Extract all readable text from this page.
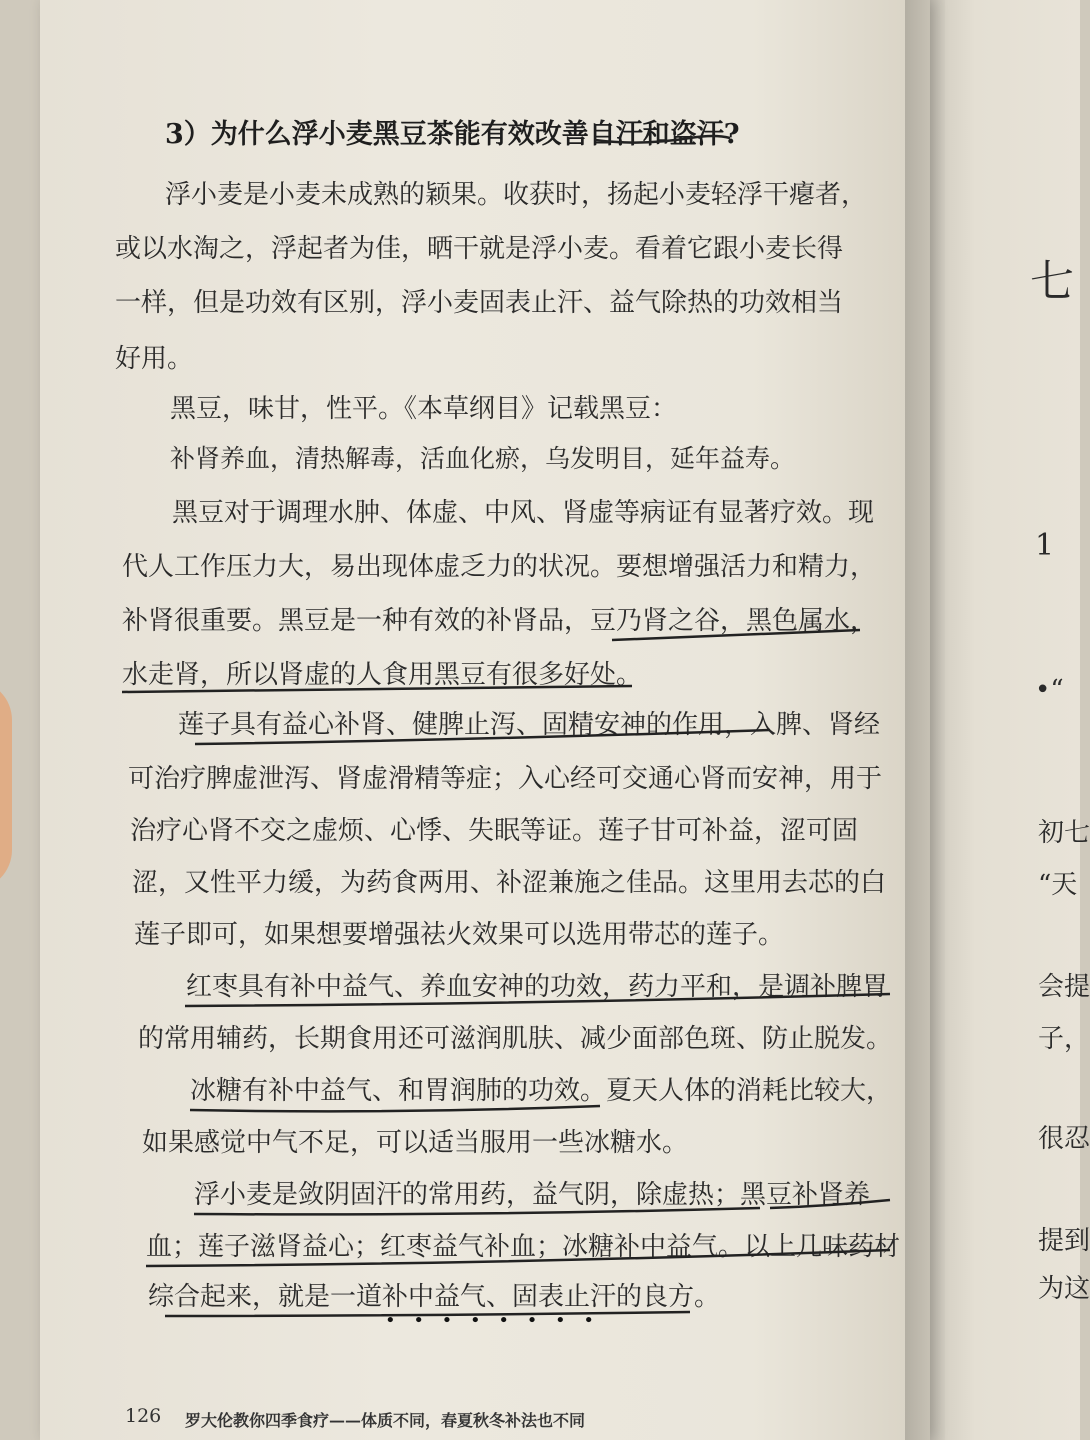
七
1
•“
初七
“天
会提
子，
很忍
提到
为这
3）为什么浮小麦黑豆茶能有效改善自汗和盗汗?
浮小麦是小麦未成熟的颖果。收获时，扬起小麦轻浮干瘪者，
或以水淘之，浮起者为佳，晒干就是浮小麦。看着它跟小麦长得
一样，但是功效有区别，浮小麦固表止汗、益气除热的功效相当
好用。
黑豆，味甘，性平。《本草纲目》记载黑豆：
补肾养血，清热解毒，活血化瘀，乌发明目，延年益寿。
黑豆对于调理水肿、体虚、中风、肾虚等病证有显著疗效。现
代人工作压力大，易出现体虚乏力的状况。要想增强活力和精力，
补肾很重要。黑豆是一种有效的补肾品，豆乃肾之谷，黑色属水，
水走肾，所以肾虚的人食用黑豆有很多好处。
莲子具有益心补肾、健脾止泻、固精安神的作用，入脾、肾经
可治疗脾虚泄泻、肾虚滑精等症；入心经可交通心肾而安神，用于
治疗心肾不交之虚烦、心悸、失眠等证。莲子甘可补益，涩可固
涩，又性平力缓，为药食两用、补涩兼施之佳品。这里用去芯的白
莲子即可，如果想要增强祛火效果可以选用带芯的莲子。
红枣具有补中益气、养血安神的功效，药力平和，是调补脾胃
的常用辅药，长期食用还可滋润肌肤、减少面部色斑、防止脱发。
冰糖有补中益气、和胃润肺的功效。夏天人体的消耗比较大，
如果感觉中气不足，可以适当服用一些冰糖水。
浮小麦是敛阴固汗的常用药，益气阴，除虚热；黑豆补肾养
血；莲子滋肾益心；红枣益气补血；冰糖补中益气。以上几味药材
综合起来，就是一道补中益气、固表止汗的良方。
• • • • • • • •
126 罗大伦教你四季食疗——体质不同，春夏秋冬补法也不同
